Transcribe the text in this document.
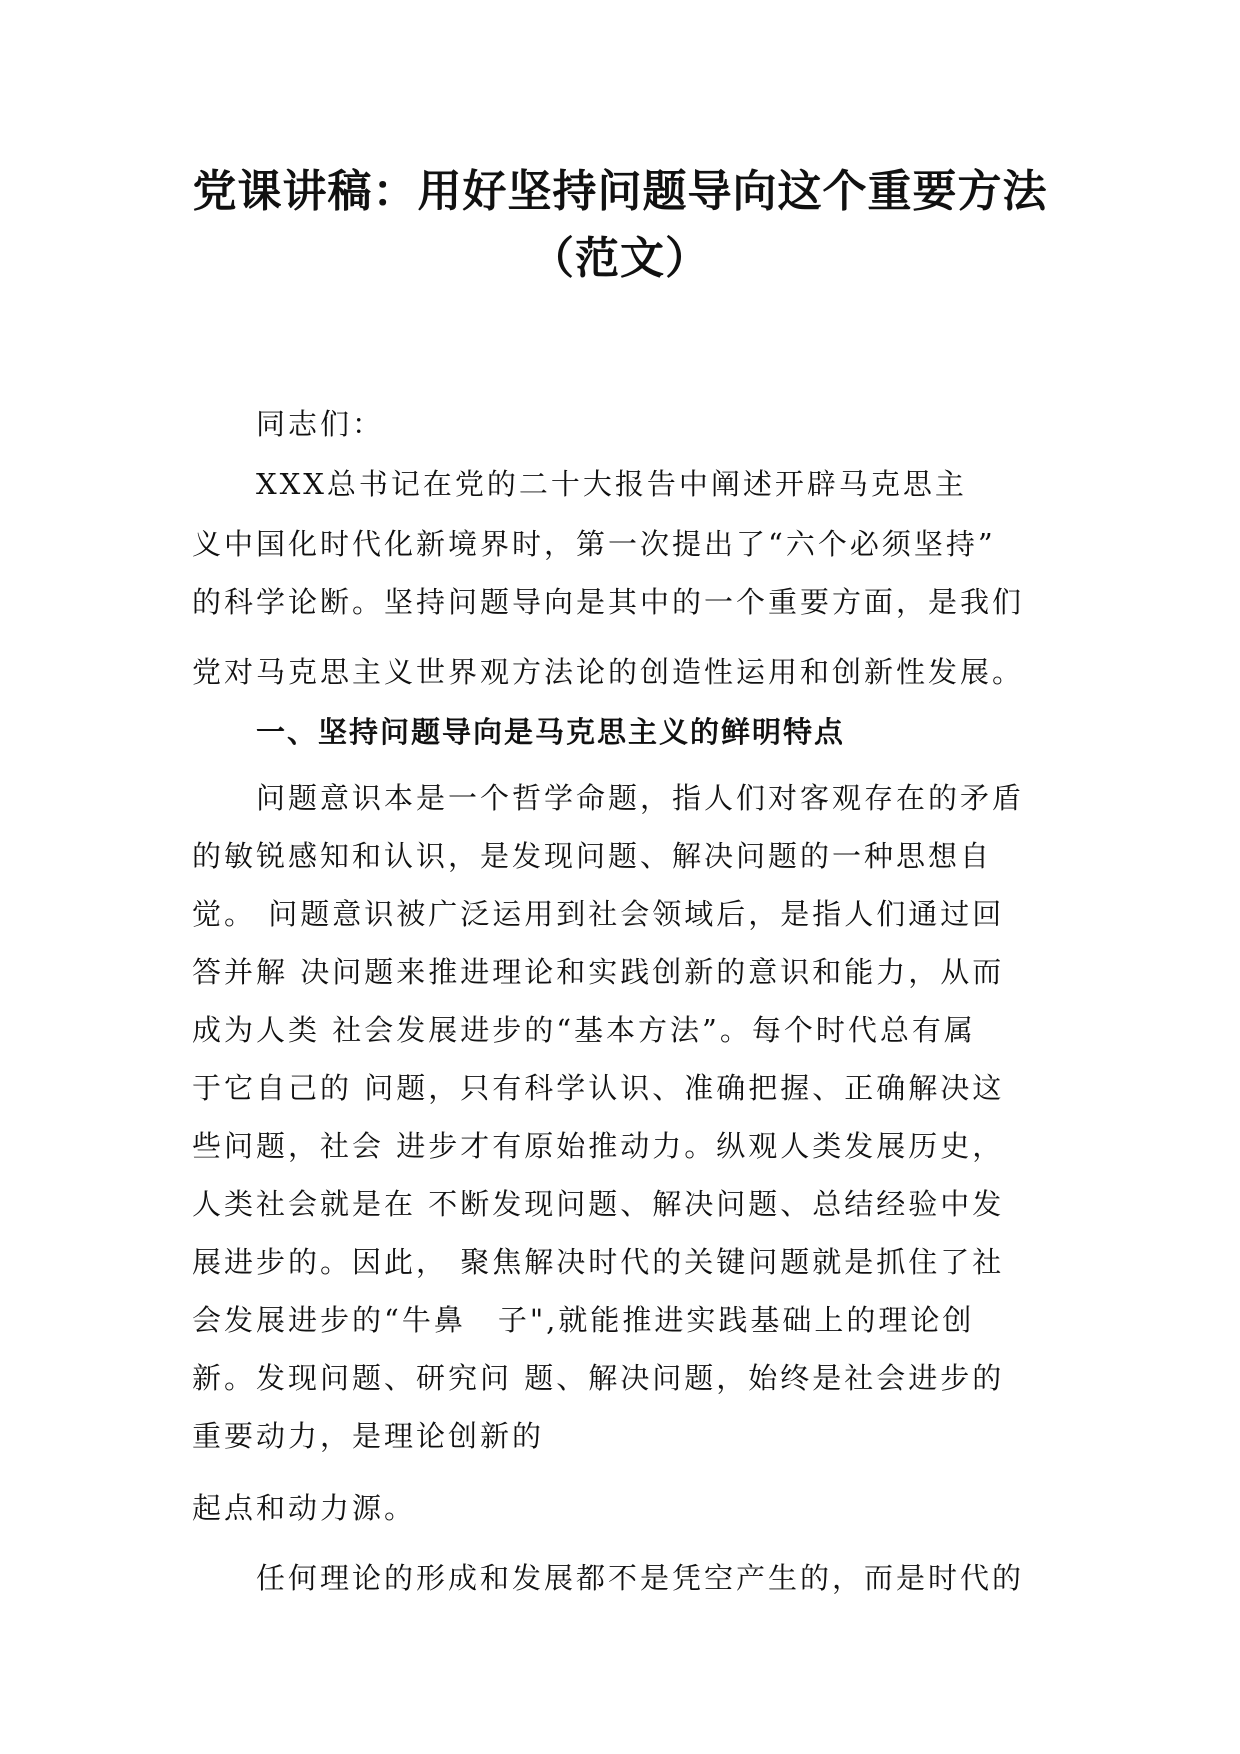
党课讲稿：用好坚持问题导向这个重要方法
（范文）
同志们：
XXX总书记在党的二十大报告中阐述开辟马克思主
义中国化时代化新境界时，第一次提出了“六个必须坚持”
的科学论断。坚持问题导向是其中的一个重要方面，是我们
党对马克思主义世界观方法论的创造性运用和创新性发展。
一、坚持问题导向是马克思主义的鲜明特点
问题意识本是一个哲学命题，指人们对客观存在的矛盾
的敏锐感知和认识，是发现问题、解决问题的一种思想自
觉。 问题意识被广泛运用到社会领域后，是指人们通过回
答并解 决问题来推进理论和实践创新的意识和能力，从而
成为人类 社会发展进步的“基本方法”。每个时代总有属
于它自己的 问题，只有科学认识、准确把握、正确解决这
些问题，社会 进步才有原始推动力。纵观人类发展历史，
人类社会就是在 不断发现问题、解决问题、总结经验中发
展进步的。因此， 聚焦解决时代的关键问题就是抓住了社
会发展进步的“牛鼻　子",就能推进实践基础上的理论创
新。发现问题、研究问 题、解决问题，始终是社会进步的
重要动力，是理论创新的
起点和动力源。
任何理论的形成和发展都不是凭空产生的，而是时代的
